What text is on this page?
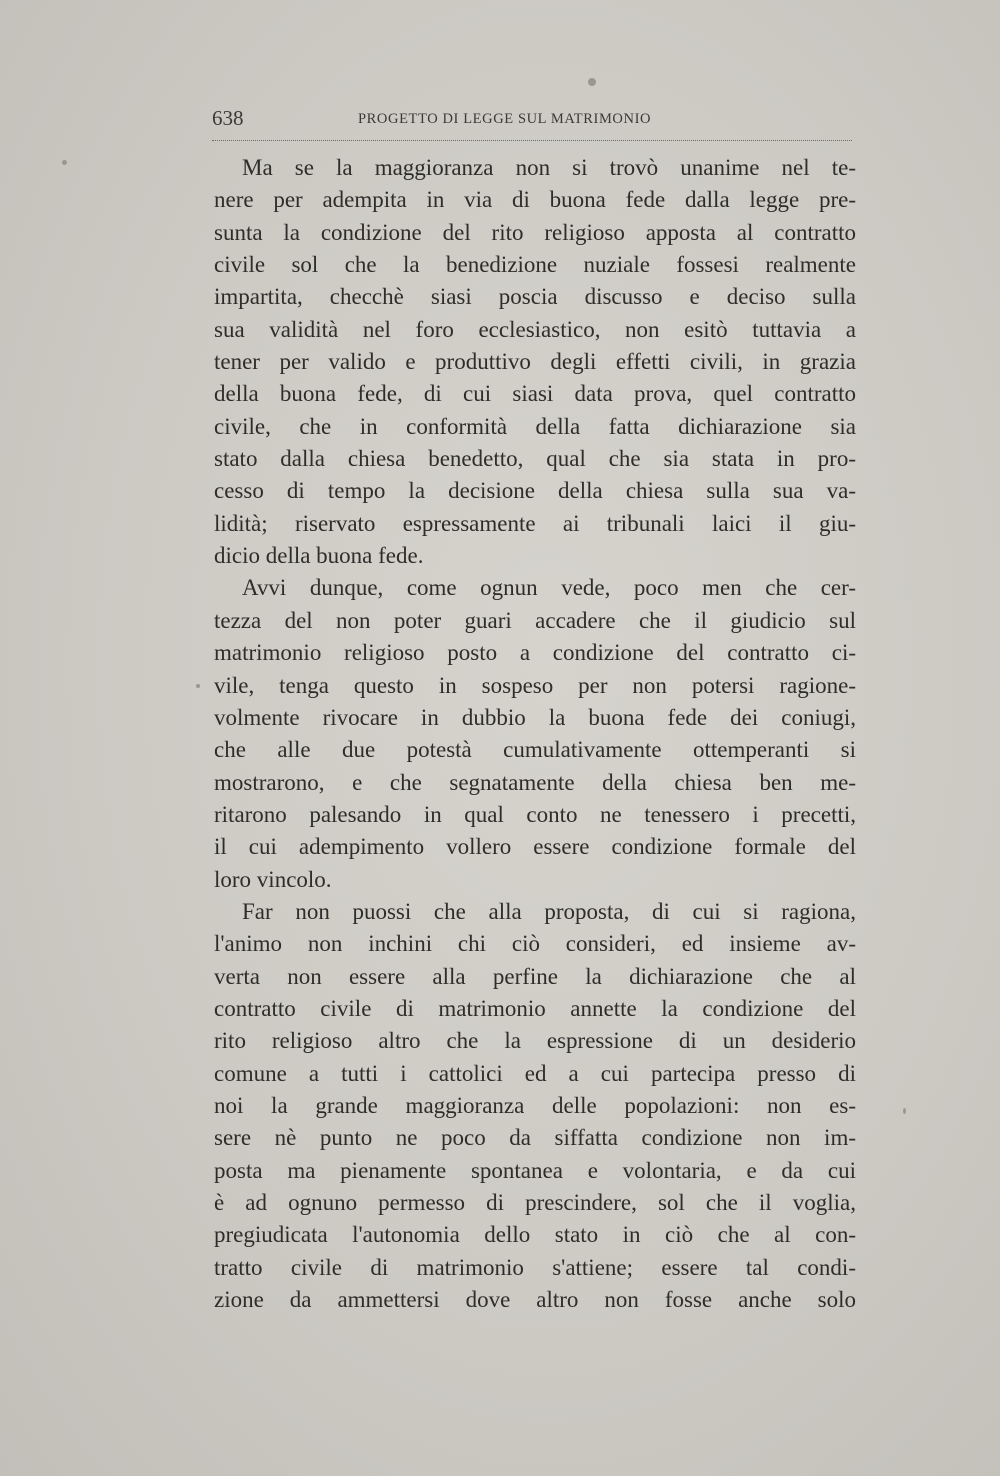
638	PROGETTO DI LEGGE SUL MATRIMONIO
Ma se la maggioranza non si trovò unanime nel te-
nere per adempita in via di buona fede dalla legge pre-
sunta la condizione del rito religioso apposta al contratto
civile sol che la benedizione nuziale fossesi realmente
impartita, checchè siasi poscia discusso e deciso sulla
sua validità nel foro ecclesiastico, non esitò tuttavia a
tener per valido e produttivo degli effetti civili, in grazia
della buona fede, di cui siasi data prova, quel contratto
civile, che in conformità della fatta dichiarazione sia
stato dalla chiesa benedetto, qual che sia stata in pro-
cesso di tempo la decisione della chiesa sulla sua va-
lidità; riservato espressamente ai tribunali laici il giu-
dicio della buona fede.
Avvi dunque, come ognun vede, poco men che cer-
tezza del non poter guari accadere che il giudicio sul
matrimonio religioso posto a condizione del contratto ci-
vile, tenga questo in sospeso per non potersi ragione-
volmente rivocare in dubbio la buona fede dei coniugi,
che alle due potestà cumulativamente ottemperanti si
mostrarono, e che segnatamente della chiesa ben me-
ritarono palesando in qual conto ne tenessero i precetti,
il cui adempimento vollero essere condizione formale del
loro vincolo.
Far non puossi che alla proposta, di cui si ragiona,
l'animo non inchini chi ciò consideri, ed insieme av-
verta non essere alla perfine la dichiarazione che al
contratto civile di matrimonio annette la condizione del
rito religioso altro che la espressione di un desiderio
comune a tutti i cattolici ed a cui partecipa presso di
noi la grande maggioranza delle popolazioni: non es-
sere nè punto ne poco da siffatta condizione non im-
posta ma pienamente spontanea e volontaria, e da cui
è ad ognuno permesso di prescindere, sol che il voglia,
pregiudicata l'autonomia dello stato in ciò che al con-
tratto civile di matrimonio s'attiene; essere tal condi-
zione da ammettersi dove altro non fosse anche solo
